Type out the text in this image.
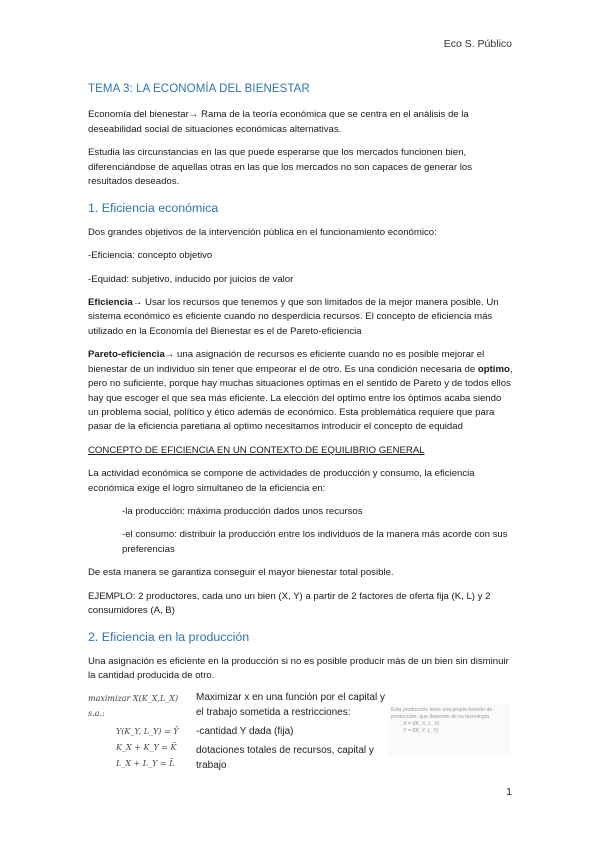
Eco S. Público
TEMA 3: LA ECONOMÍA DEL BIENESTAR

Economía del bienestar→ Rama de la teoría económica que se centra en el análisis de la deseabilidad social de situaciones económicas alternativas.

Estudia las circunstancias en las que puede esperarse que los mercados funcionen bien, diferenciándose de aquellas otras en las que los mercados no son capaces de generar los resultados deseados.

1. Eficiencia económica

Dos grandes objetivos de la intervención pública en el funcionamiento económico:

-Eficiencia: concepto objetivo

-Equidad: subjetivo, inducido por juicios de valor

Eficiencia→ Usar los recursos que tenemos y que son limitados de la mejor manera posible. Un sistema económico es eficiente cuando no desperdicia recursos. El concepto de eficiencia más utilizado en la Economía del Bienestar es el de Pareto-eficiencia

Pareto-eficiencia→ una asignación de recursos es eficiente cuando no es posible mejorar el bienestar de un individuo sin tener que empeorar el de otro. Es una condición necesaria de optimo, pero no suficiente, porque hay muchas situaciones optimas en el sentido de Pareto y de todos ellos hay que escoger el que sea más eficiente. La elección del optimo entre los óptimos acaba siendo un problema social, político y ético además de económico. Esta problemática requiere que para pasar de la eficiencia paretiana al optimo necesitamos introducir el concepto de equidad

CONCEPTO DE EFICIENCIA EN UN CONTEXTO DE EQUILIBRIO GENERAL

La actividad económica se compone de actividades de producción y consumo, la eficiencia económica exige el logro simultaneo de la eficiencia en:

-la producción: máxima producción dados unos recursos

-el consumo: distribuir la producción entre los individuos de la manera más acorde con sus preferencias

De esta manera se garantiza conseguir el mayor bienestar total posible.

EJEMPLO: 2 productores, cada uno un bien (X, Y) a partir de 2 factores de oferta fija (K, L) y 2 consumidores (A, B)

2. Eficiencia en la producción

Una asignación es eficiente en la producción si no es posible producir más de un bien sin disminuir la cantidad producida de otro.

maximizar X(K_X,L_X)
s.a.:
Y(K_Y, L_Y) = Ȳ
K_X + K_Y = K̄
L_X + L_Y = L̄

Maximizar x en una función por el capital y el trabajo sometida a restricciones:

-cantidad Y dada (fija)

dotaciones totales de recursos, capital y trabajo

Esta producción tiene una propia función de producción, que depende de su tecnología
X = f(K_X, L_X)
Y = f(K_Y, L_Y)
1
